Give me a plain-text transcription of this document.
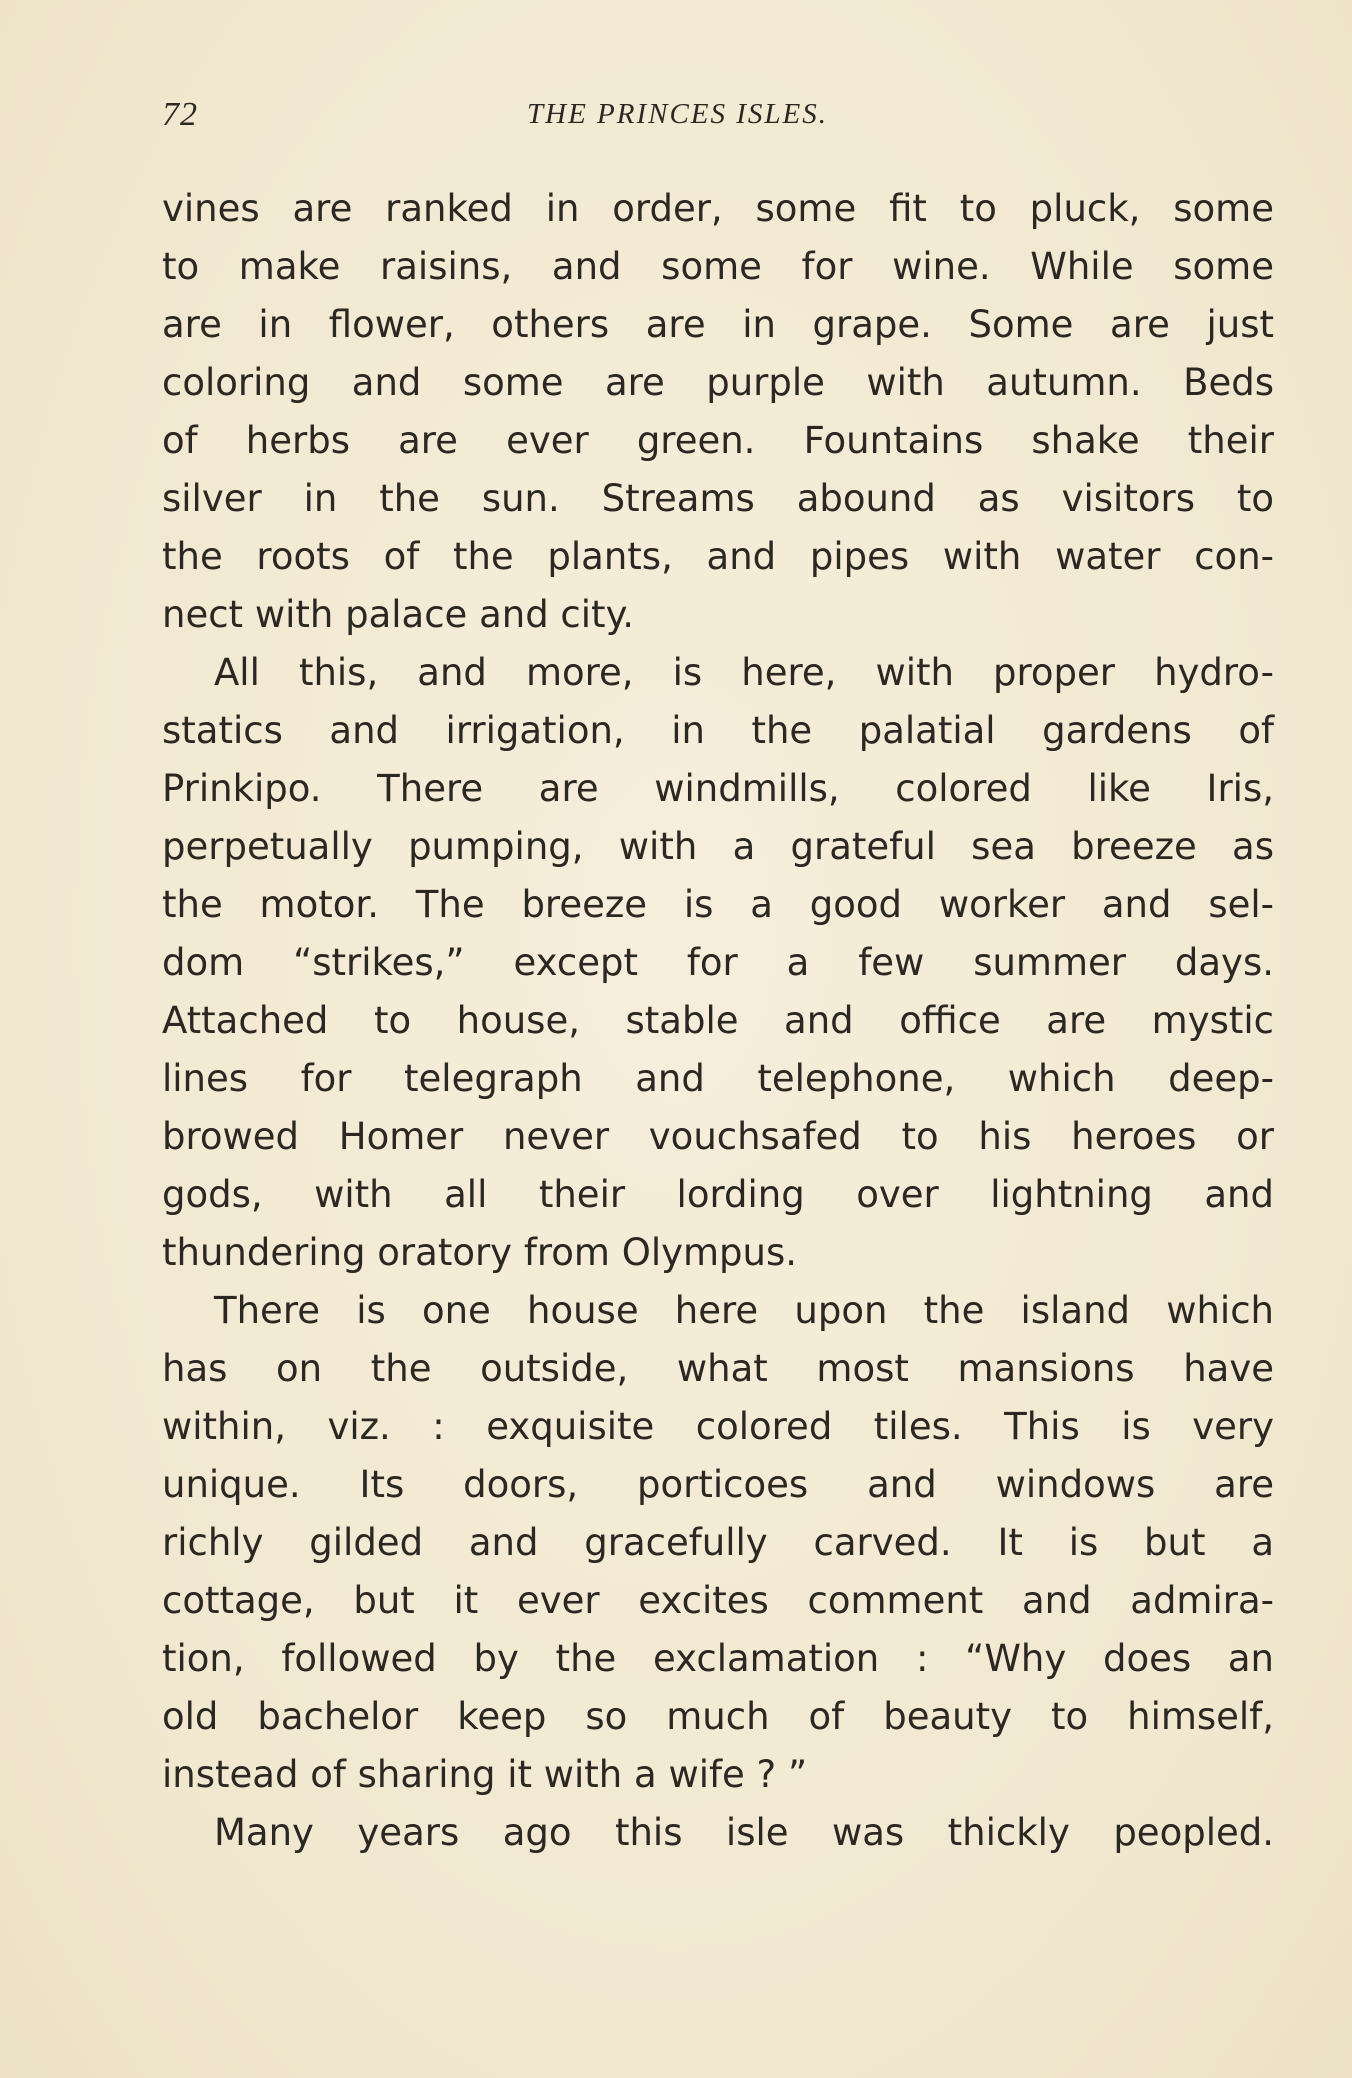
72	THE PRINCES ISLES.
vines are ranked in order, some fit to pluck, some
to make raisins, and some for wine. While some
are in flower, others are in grape. Some are just
coloring and some are purple with autumn. Beds
of herbs are ever green. Fountains shake their
silver in the sun. Streams abound as visitors to
the roots of the plants, and pipes with water con-
nect with palace and city.
All this, and more, is here, with proper hydro-
statics and irrigation, in the palatial gardens of
Prinkipo. There are windmills, colored like Iris,
perpetually pumping, with a grateful sea breeze as
the motor. The breeze is a good worker and sel-
dom “strikes,” except for a few summer days.
Attached to house, stable and office are mystic
lines for telegraph and telephone, which deep-
browed Homer never vouchsafed to his heroes or
gods, with all their lording over lightning and
thundering oratory from Olympus.
There is one house here upon the island which
has on the outside, what most mansions have
within, viz. : exquisite colored tiles. This is very
unique. Its doors, porticoes and windows are
richly gilded and gracefully carved. It is but a
cottage, but it ever excites comment and admira-
tion, followed by the exclamation : “Why does an
old bachelor keep so much of beauty to himself,
instead of sharing it with a wife ? ”
Many years ago this isle was thickly peopled.
